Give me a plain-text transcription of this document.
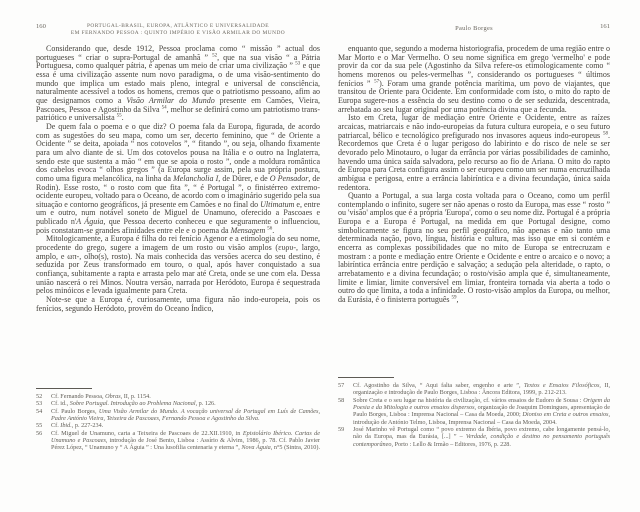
160	PORTUGAL-BRASIL, EUROPA, ATLÂNTICO E UNIVERSALIDADE
EM FERNANDO PESSOA : QUINTO IMPÉRIO E VISÃO ARMILAR DO MUNDO

Considerando que, desde 1912, Pessoa proclama como “ missão ” actual dos portugueses “ criar o supra-Portugal de amanhã ” $^{52}$, que na sua visão “ a Pátria Portuguesa, como qualquer pátria, é apenas um meio de criar uma civilização ” $^{53}$ e que essa é uma civilização assente num novo paradigma, o de uma visão-sentimento do mundo que implica um estado mais pleno, integral e universal de consciência, naturalmente acessível a todos os homens, cremos que o patriotismo pessoano, afim ao que designamos como a Visão Armilar do Mundo presente em Camões, Vieira, Pascoaes, Pessoa e Agostinho da Silva $^{54}$, melhor se definirá como um patriotismo trans-patriótico e universalista $^{55}$.

De quem fala o poema e o que diz? O poema fala da Europa, figurada, de acordo com as sugestões do seu mapa, como um ser, decerto feminino, que “ de Oriente a Ocidente ” se deita, apoiada “ nos cotovelos ”, “ fitando ”, ou seja, olhando fixamente para um alvo diante de si. Um dos cotovelos pousa na Itália e o outro na Inglaterra, sendo este que sustenta a mão “ em que se apoia o rosto ”, onde a moldura romântica dos cabelos evoca “ olhos gregos ” (a Europa surge assim, pela sua própria postura, como uma figura melancólica, na linha da Melancholia I, de Dürer, e de O Pensador, de Rodin). Esse rosto, “ o rosto com que fita ”, “ é Portugal ”, o finistérreo extremo-ocidente europeu, voltado para o Oceano, de acordo com o imaginário sugerido pela sua situação e contorno geográficos, já presente em Camões e no final do Ultimatum e, entre um e outro, num notável soneto de Miguel de Unamuno, oferecido a Pascoaes e publicado n'A Águia, que Pessoa decerto conheceu e que seguramente o influenciou, pois constatam-se grandes afinidades entre ele e o poema da Mensagem $^{56}$.

Mitologicamente, a Europa é filha do rei fenício Agenor e a etimologia do seu nome, procedente do grego, sugere a imagem de um rosto ou visão amplos (ευρυ-, largo, amplo, e ωπ-, olho(s), rosto). Na mais conhecida das versões acerca do seu destino, é seduzida por Zeus transformado em touro, o qual, após haver conquistado a sua confiança, subitamente a rapta e arrasta pelo mar até Creta, onde se une com ela. Dessa união nascerá o rei Minos. Noutra versão, narrada por Heródoto, Europa é sequestrada pelos minóicos e levada igualmente para Creta.

Note-se que a Europa é, curiosamente, uma figura não indo-europeia, pois os fenícios, segundo Heródoto, provêm do Oceano Índico,

52	Cf. Fernando Pessoa, Obras, II, p. 1154.
53	Cf. id., Sobre Portugal. Introdução ao Problema Nacional, p. 126.
54	Cf. Paulo Borges, Uma Visão Armilar do Mundo. A vocação universal de Portugal em Luís de Camões, Padre António Vieira, Teixeira de Pascoaes, Fernando Pessoa e Agostinho da Silva.
55	Cf. Ibid., p. 227-234.
56	Cf. Miguel de Unamuno, carta a Teixeira de Pascoaes de 22.XII.1910, in Epistolário Ibérico. Cartas de Unamuno e Pascoaes, introdução de José Bento, Lisboa : Assírio & Alvim, 1986, p. 78. Cf. Pablo Javier Pérez López, “ Unamuno y “ A Águia ” : Una lusofilia centenaria y eterna ”, Nova Águia, n°5 (Sintra, 2010).
Paulo Borges	161

enquanto que, segundo a moderna historiografia, procedem de uma região entre o Mar Morto e o Mar Vermelho. O seu nome significa em grego 'vermelho' e pode provir da cor da sua pele (Agostinho da Silva refere-os etimologicamente como “ homens morenos ou peles-vermelhas ”, considerando os portugueses “ últimos fenícios ” $^{57}$). Foram uma grande potência marítima, um povo de viajantes, que transitou de Oriente para Ocidente. Em conformidade com isto, o mito do rapto de Europa sugere-nos a essência do seu destino como o de ser seduzida, descentrada, arrebatada ao seu lugar original por uma potência divina que a fecunda.

Isto em Creta, lugar de mediação entre Oriente e Ocidente, entre as raízes arcaicas, matriarcais e não indo-europeias da futura cultura europeia, e o seu futuro patriarcal, bélico e tecnológico prefigurado nos invasores aqueus indo-europeus $^{58}$. Recordemos que Creta é o lugar perigoso do labirinto e do risco de nele se ser devorado pelo Minotauro, o lugar da errância por várias possibilidades de caminho, havendo uma única saída salvadora, pelo recurso ao fio de Ariana. O mito do rapto de Europa para Creta configura assim o ser europeu como um ser numa encruzilhada ambígua e perigosa, entre a errância labiríntica e a divina fecundação, única saída redentora.

Quanto a Portugal, a sua larga costa voltada para o Oceano, como um perfil contemplando o infinito, sugere ser não apenas o rosto da Europa, mas esse “ rosto ” ou 'visão' amplos que é a própria 'Europa', como o seu nome diz. Portugal é a própria Europa e a Europa é Portugal, na medida em que Portugal designe, como simbolicamente se figura no seu perfil geográfico, não apenas e não tanto uma determinada nação, povo, língua, história e cultura, mas isso que em si contém e encerra as complexas possibilidades que no mito de Europa se entrecruzam e mostram : a ponte e mediação entre Oriente e Ocidente e entre o arcaico e o novo; a labiríntica errância entre perdição e salvação; a sedução pela alteridade, o rapto, o arrebatamento e a divina fecundação; o rosto/visão ampla que é, simultaneamente, limite e limiar, limite conversível em limiar, fronteira tornada via aberta a todo o outro do que limita, a toda a infinidade. O rosto-visão amplos da Europa, ou melhor, da Eurásia, é o finisterra português $^{59}$,

57	Cf. Agostinho da Silva, “ Aqui falta saber, engenho e arte ”, Textos e Ensaios Filosóficos, II, organização e introdução de Paulo Borges, Lisboa : Âncora Editora, 1999, p. 212-213.
58	Sobre Creta e o seu lugar na história da civilização, cf. vários ensaios de Eudoro de Sousa : Origem da Poesia e da Mitologia e outros ensaios dispersos, organização de Joaquim Domingues, apresentação de Paulo Borges, Lisboa : Imprensa Nacional – Casa da Moeda, 2000; Dioniso em Creta e outros ensaios, introdução de António Telmo, Lisboa, Imprensa Nacional – Casa da Moeda, 2004.
59	José Marinho vê Portugal como “ povo extremo da Ibéria, povo extremo, cabe longamente pensá-lo, não da Europa, mas da Eurásia, [...] ” – Verdade, condição e destino no pensamento português contemporâneo, Porto : Lello & Irmão – Editores, 1976, p. 228.
